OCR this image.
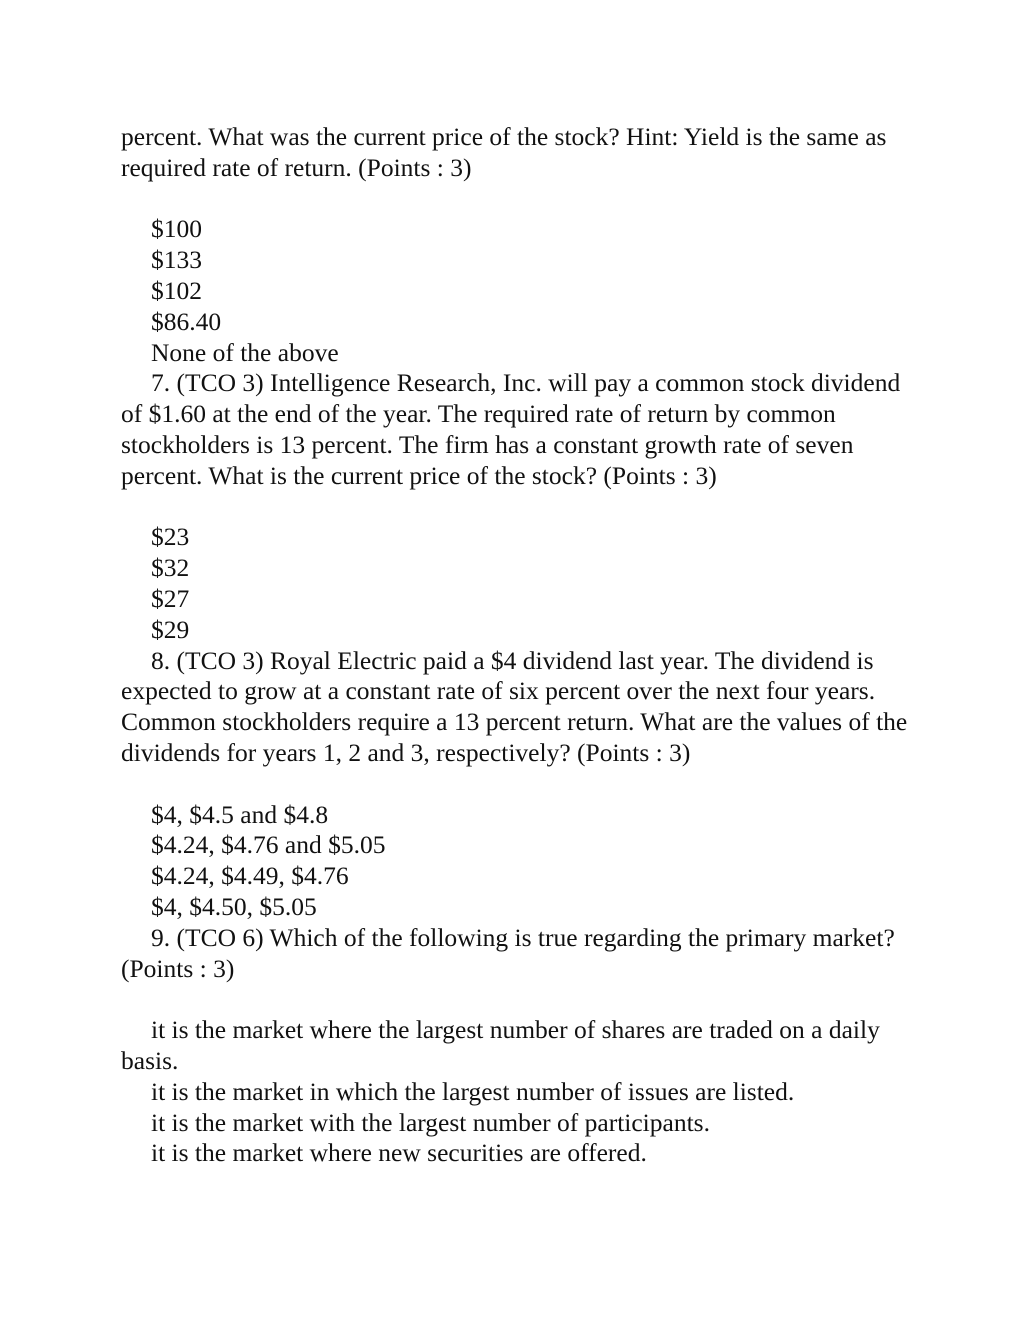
percent. What was the current price of the stock? Hint: Yield is the same as required rate of return. (Points : 3)

$100

$133

$102

$86.40

None of the above

7. (TCO 3) Intelligence Research, Inc. will pay a common stock dividend of $1.60 at the end of the year. The required rate of return by common stockholders is 13 percent. The firm has a constant growth rate of seven percent. What is the current price of the stock? (Points : 3)

$23

$32

$27

$29

8. (TCO 3) Royal Electric paid a $4 dividend last year. The dividend is expected to grow at a constant rate of six percent over the next four years. Common stockholders require a 13 percent return. What are the values of the dividends for years 1, 2 and 3, respectively? (Points : 3)

$4, $4.5 and $4.8

$4.24, $4.76 and $5.05

$4.24, $4.49, $4.76

$4, $4.50, $5.05

9. (TCO 6) Which of the following is true regarding the primary market? (Points : 3)

it is the market where the largest number of shares are traded on a daily basis.

it is the market in which the largest number of issues are listed.

it is the market with the largest number of participants.

it is the market where new securities are offered.
